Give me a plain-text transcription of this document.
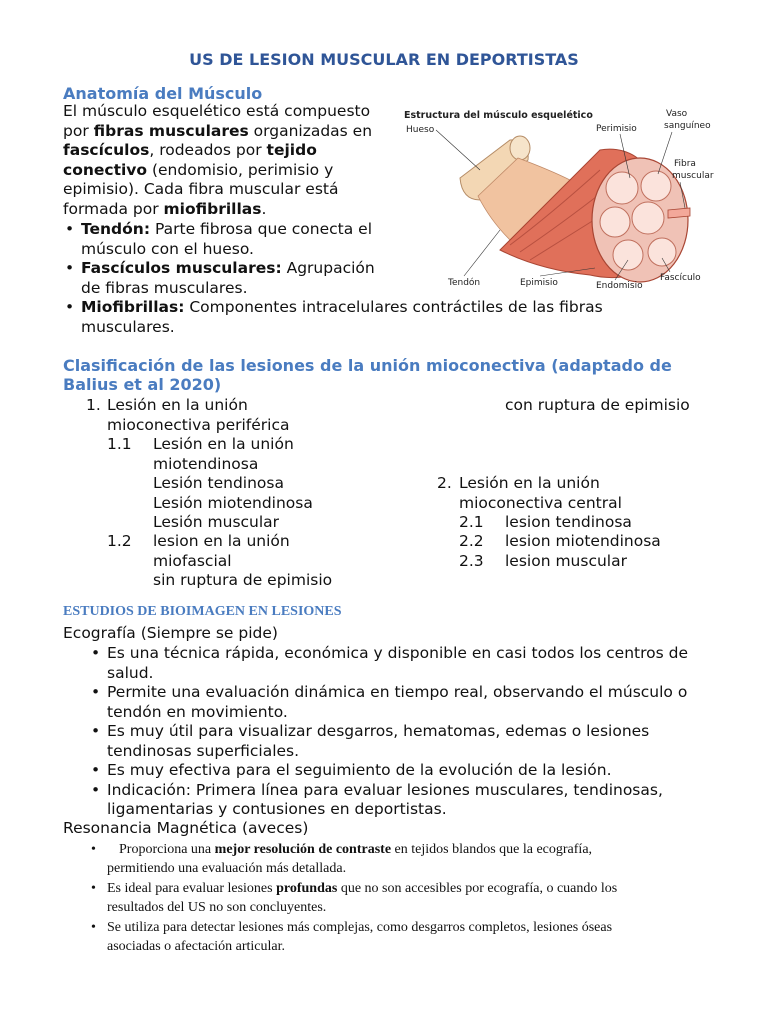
US DE LESION MUSCULAR EN DEPORTISTAS
Anatomía del Músculo
El músculo esquelético está compuesto
por fibras musculares organizadas en
fascículos, rodeados por tejido
conectivo (endomisio, perimisio y
epimisio). Cada fibra muscular está
formada por miofibrillas.
• Tendón: Parte fibrosa que conecta el
músculo con el hueso.
• Fascículos musculares: Agrupación
de fibras musculares.
• Miofibrillas: Componentes intracelulares contráctiles de las fibras
musculares.
Estructura del músculo esquelético
Hueso	Perimisio
Vaso
sanguíneo
Fibra
muscular
Tendón	Epimisio	Endomisio
Fascículo
Clasificación de las lesiones de la unión mioconectiva (adaptado de
Balius et al 2020)
1. Lesión en la unión
mioconectiva periférica
con ruptura de epimisio
1.1 Lesión en la unión
miotendinosa
Lesión tendinosa
Lesión miotendinosa
Lesión muscular
1.2 lesion en la unión
miofascial
sin ruptura de epimisio
2. Lesión en la unión
mioconectiva central
2.1 lesion tendinosa
2.2 lesion miotendinosa
2.3 lesion muscular
ESTUDIOS DE BIOIMAGEN EN LESIONES
Ecografía (Siempre se pide)
• Es una técnica rápida, económica y disponible en casi todos los centros de
salud.
• Permite una evaluación dinámica en tiempo real, observando el músculo o
tendón en movimiento.
• Es muy útil para visualizar desgarros, hematomas, edemas o lesiones
tendinosas superficiales.
• Es muy efectiva para el seguimiento de la evolución de la lesión.
• Indicación: Primera línea para evaluar lesiones musculares, tendinosas,
ligamentarias y contusiones en deportistas.
Resonancia Magnética (aveces)
• Proporciona una mejor resolución de contraste en tejidos blandos que la ecografía,
permitiendo una evaluación más detallada.
• Es ideal para evaluar lesiones profundas que no son accesibles por ecografía, o cuando los
resultados del US no son concluyentes.
• Se utiliza para detectar lesiones más complejas, como desgarros completos, lesiones óseas
asociadas o afectación articular.
